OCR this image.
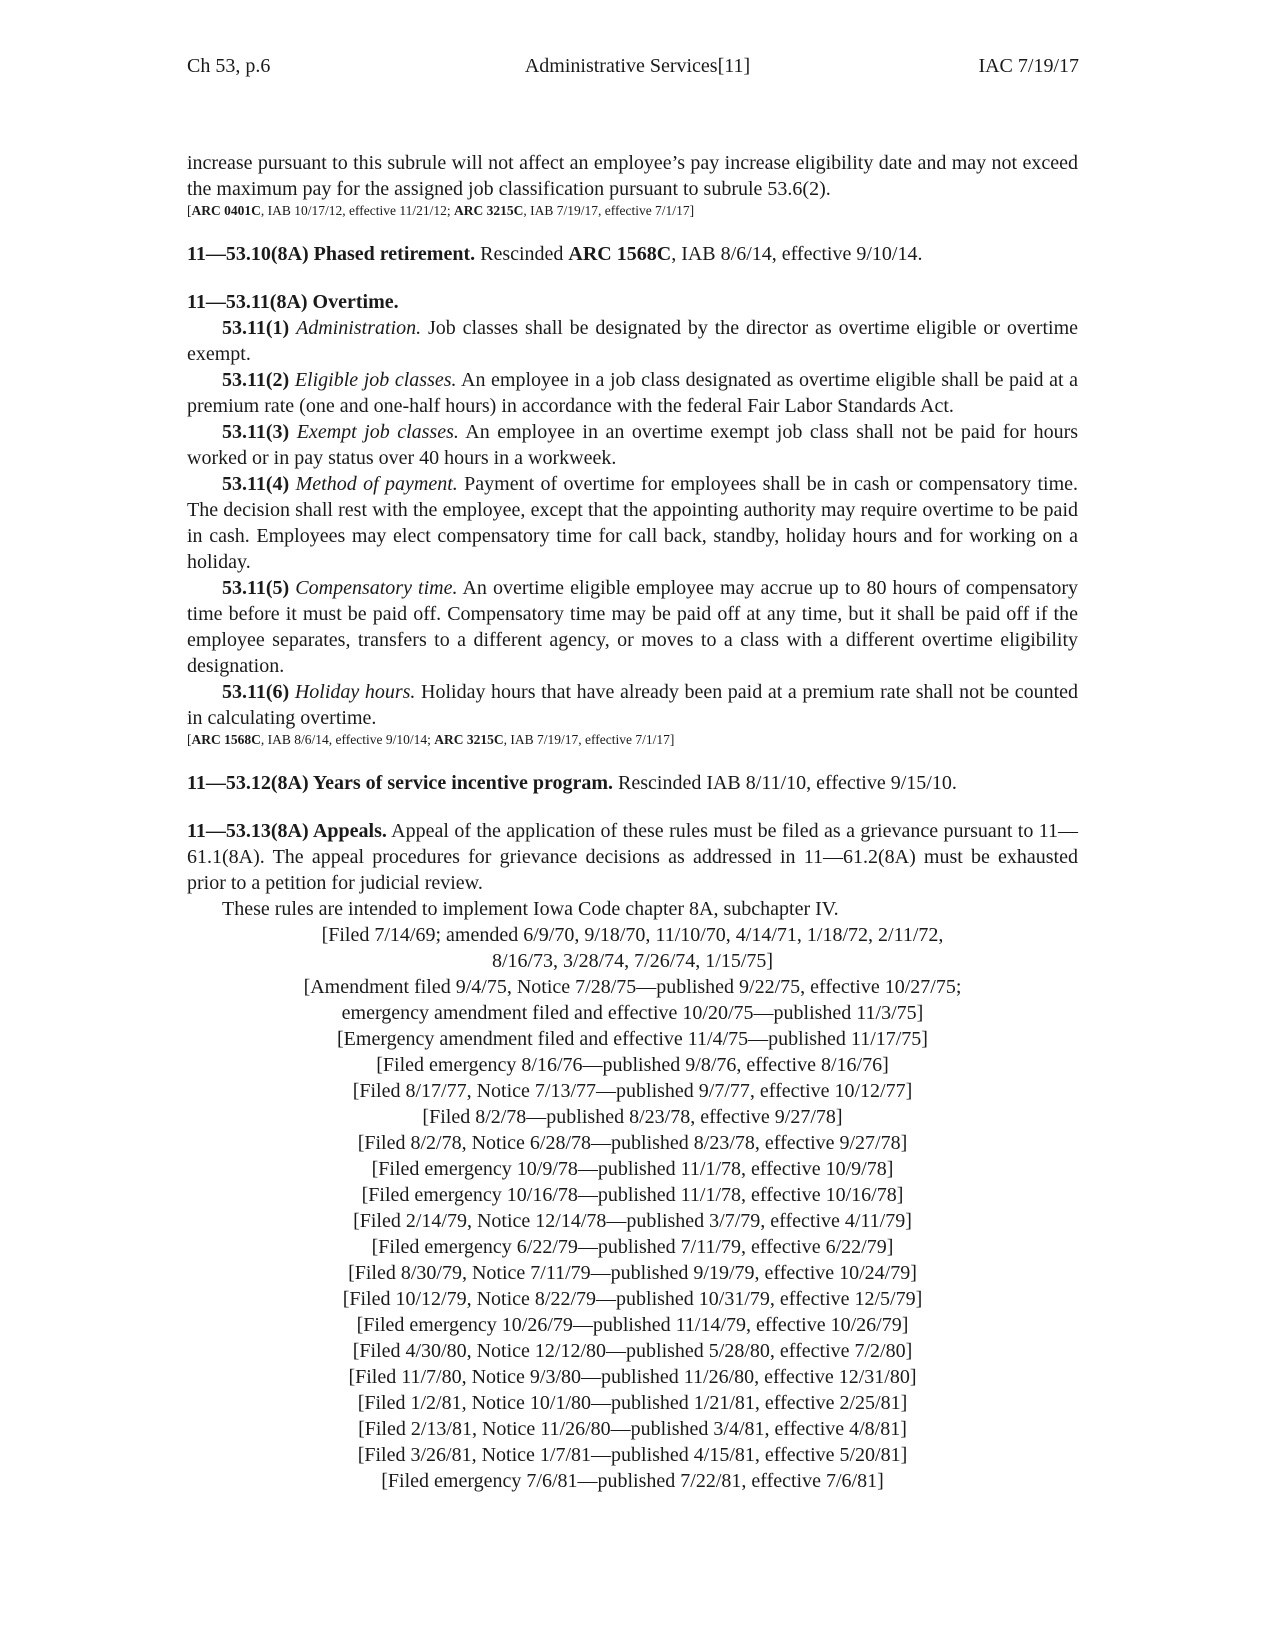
Administrative Services[11]
Ch 53, p.6	IAC 7/19/17

increase pursuant to this subrule will not affect an employee’s pay increase eligibility date and may not exceed the maximum pay for the assigned job classification pursuant to subrule 53.6(2).

[ARC 0401C, IAB 10/17/12, effective 11/21/12; ARC 3215C, IAB 7/19/17, effective 7/1/17]

11—53.10(8A) Phased retirement. Rescinded ARC 1568C, IAB 8/6/14, effective 9/10/14.

11—53.11(8A) Overtime.

53.11(1) Administration. Job classes shall be designated by the director as overtime eligible or overtime exempt.

53.11(2) Eligible job classes. An employee in a job class designated as overtime eligible shall be paid at a premium rate (one and one-half hours) in accordance with the federal Fair Labor Standards Act.

53.11(3) Exempt job classes. An employee in an overtime exempt job class shall not be paid for hours worked or in pay status over 40 hours in a workweek.

53.11(4) Method of payment. Payment of overtime for employees shall be in cash or compensatory time. The decision shall rest with the employee, except that the appointing authority may require overtime to be paid in cash. Employees may elect compensatory time for call back, standby, holiday hours and for working on a holiday.

53.11(5) Compensatory time. An overtime eligible employee may accrue up to 80 hours of compensatory time before it must be paid off. Compensatory time may be paid off at any time, but it shall be paid off if the employee separates, transfers to a different agency, or moves to a class with a different overtime eligibility designation.

53.11(6) Holiday hours. Holiday hours that have already been paid at a premium rate shall not be counted in calculating overtime.

[ARC 1568C, IAB 8/6/14, effective 9/10/14; ARC 3215C, IAB 7/19/17, effective 7/1/17]

11—53.12(8A) Years of service incentive program. Rescinded IAB 8/11/10, effective 9/15/10.

11—53.13(8A) Appeals. Appeal of the application of these rules must be filed as a grievance pursuant to 11—61.1(8A). The appeal procedures for grievance decisions as addressed in 11—61.2(8A) must be exhausted prior to a petition for judicial review.

These rules are intended to implement Iowa Code chapter 8A, subchapter IV.

[Filed 7/14/69; amended 6/9/70, 9/18/70, 11/10/70, 4/14/71, 1/18/72, 2/11/72,

8/16/73, 3/28/74, 7/26/74, 1/15/75]

[Amendment filed 9/4/75, Notice 7/28/75—published 9/22/75, effective 10/27/75;

emergency amendment filed and effective 10/20/75—published 11/3/75]

[Emergency amendment filed and effective 11/4/75—published 11/17/75]

[Filed emergency 8/16/76—published 9/8/76, effective 8/16/76]

[Filed 8/17/77, Notice 7/13/77—published 9/7/77, effective 10/12/77]

[Filed 8/2/78—published 8/23/78, effective 9/27/78]

[Filed 8/2/78, Notice 6/28/78—published 8/23/78, effective 9/27/78]

[Filed emergency 10/9/78—published 11/1/78, effective 10/9/78]

[Filed emergency 10/16/78—published 11/1/78, effective 10/16/78]

[Filed 2/14/79, Notice 12/14/78—published 3/7/79, effective 4/11/79]

[Filed emergency 6/22/79—published 7/11/79, effective 6/22/79]

[Filed 8/30/79, Notice 7/11/79—published 9/19/79, effective 10/24/79]

[Filed 10/12/79, Notice 8/22/79—published 10/31/79, effective 12/5/79]

[Filed emergency 10/26/79—published 11/14/79, effective 10/26/79]

[Filed 4/30/80, Notice 12/12/80—published 5/28/80, effective 7/2/80]

[Filed 11/7/80, Notice 9/3/80—published 11/26/80, effective 12/31/80]

[Filed 1/2/81, Notice 10/1/80—published 1/21/81, effective 2/25/81]

[Filed 2/13/81, Notice 11/26/80—published 3/4/81, effective 4/8/81]

[Filed 3/26/81, Notice 1/7/81—published 4/15/81, effective 5/20/81]

[Filed emergency 7/6/81—published 7/22/81, effective 7/6/81]
